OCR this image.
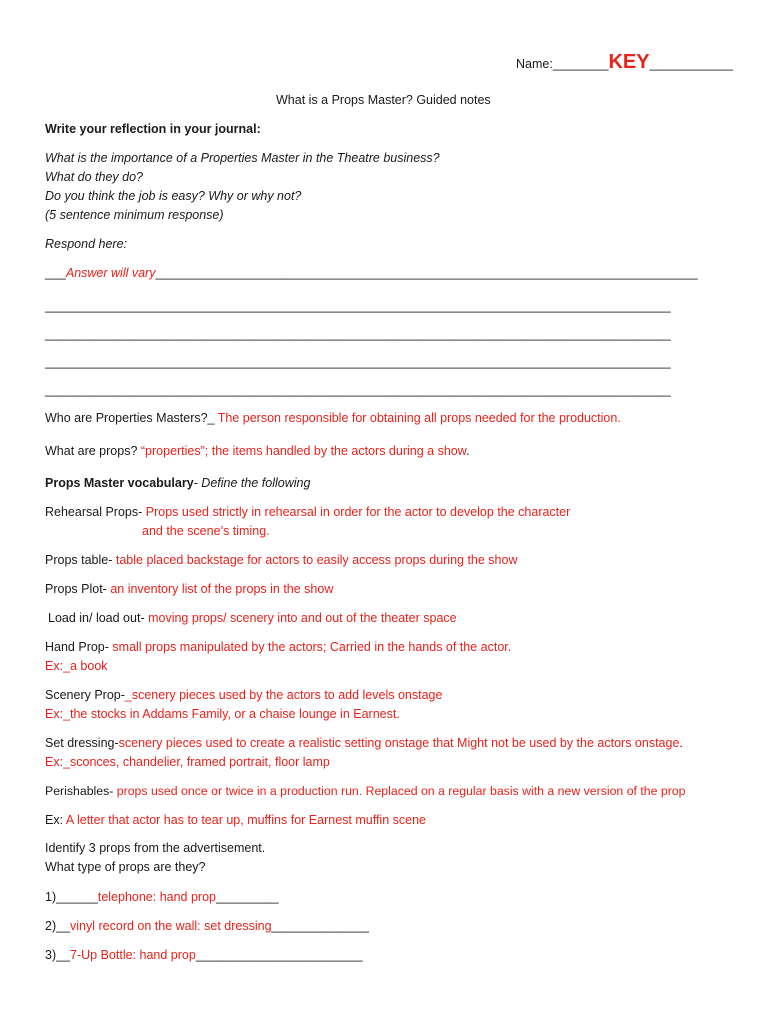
Name:________KEY____________
What is a Props Master? Guided notes
Write your reflection in your journal:
What is the importance of a Properties Master in the Theatre business?
What do they do?
Do you think the job is easy? Why or why not?
(5 sentence minimum response)
Respond here:
___Answer will vary______________________________________________________________________________
__________________________________________________________________________________________
__________________________________________________________________________________________
__________________________________________________________________________________________
__________________________________________________________________________________________
Who are Properties Masters?_ The person responsible for obtaining all props needed for the production.
What are props? “properties”; the items handled by the actors during a show.
Props Master vocabulary- Define the following
Rehearsal Props- Props used strictly in rehearsal in order for the actor to develop the character
and the scene’s timing.
Props table- table placed backstage for actors to easily access props during the show
Props Plot- an inventory list of the props in the show
Load in/ load out- moving props/ scenery into and out of the theater space
Hand Prop- small props manipulated by the actors; Carried in the hands of the actor.
Ex:_a book
Scenery Prop-_scenery pieces used by the actors to add levels onstage
Ex:_the stocks in Addams Family, or a chaise lounge in Earnest.
Set dressing-scenery pieces used to create a realistic setting onstage that Might not be used by the actors onstage.
Ex:_sconces, chandelier, framed portrait, floor lamp
Perishables- props used once or twice in a production run. Replaced on a regular basis with a new version of the prop
Ex: A letter that actor has to tear up, muffins for Earnest muffin scene
Identify 3 props from the advertisement.
What type of props are they?
1)______telephone: hand prop_________
2)__vinyl record on the wall: set dressing______________
3)__7-Up Bottle: hand prop________________________
